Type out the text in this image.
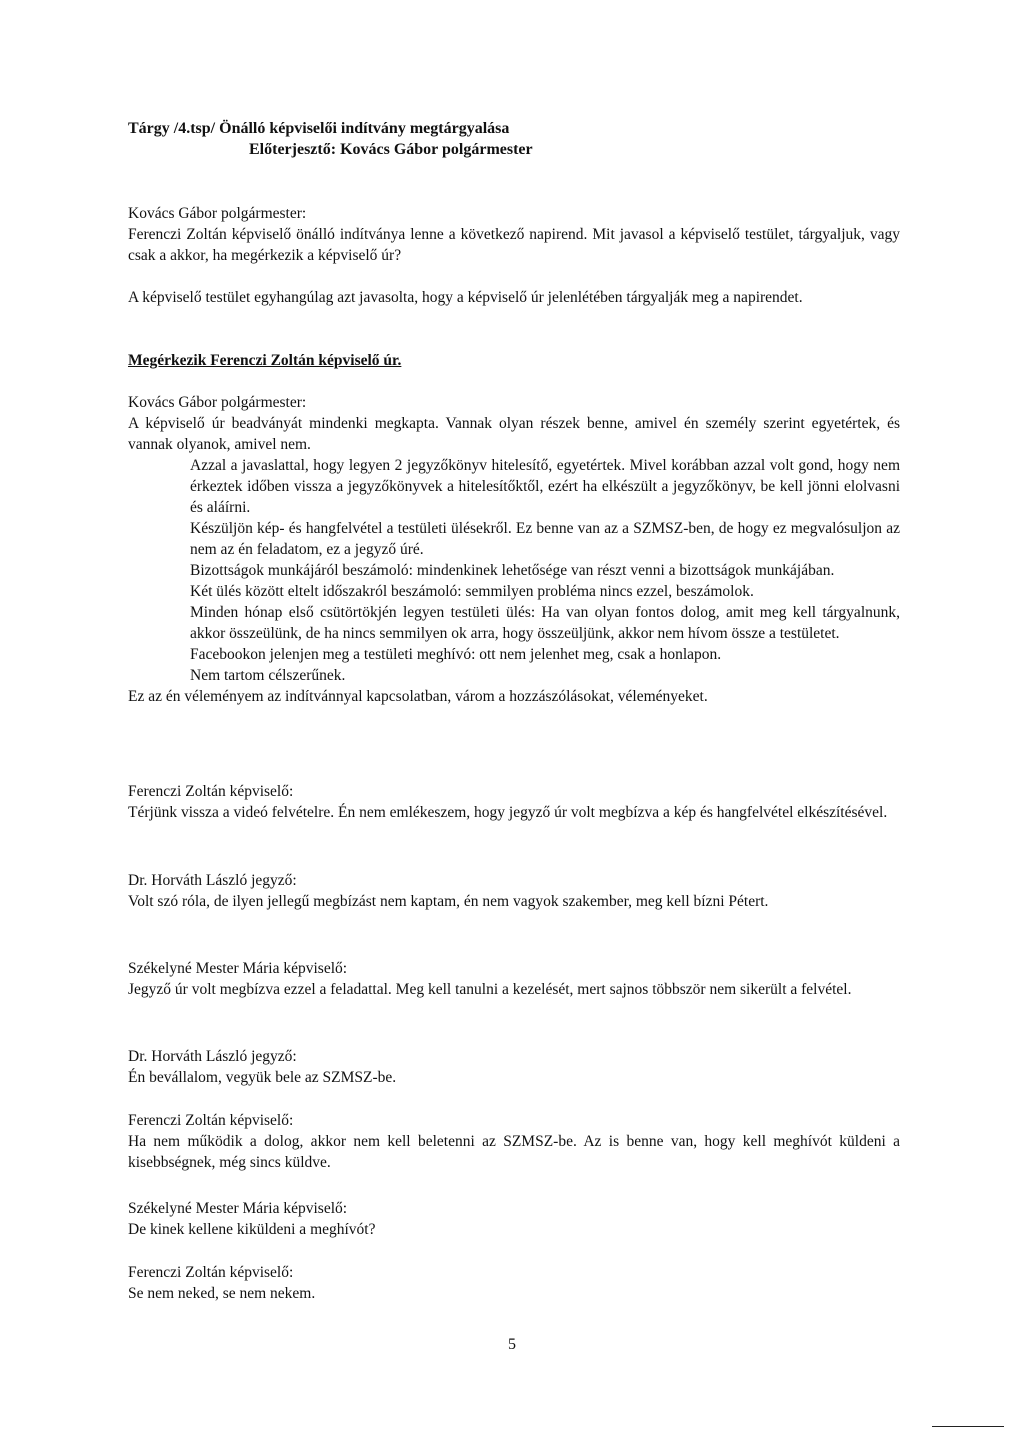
Tárgy /4.tsp/ Önálló képviselői indítvány megtárgyalása
Előterjesztő: Kovács Gábor polgármester
Kovács Gábor polgármester:

Ferenczi Zoltán képviselő önálló indítványa lenne a következő napirend. Mit javasol a képviselő testület, tárgyaljuk, vagy csak a akkor, ha megérkezik a képviselő úr?

A képviselő testület egyhangúlag azt javasolta, hogy a képviselő úr jelenlétében tárgyalják meg a napirendet.

Megérkezik Ferenczi Zoltán képviselő úr.

Kovács Gábor polgármester:

A képviselő úr beadványát mindenki megkapta. Vannak olyan részek benne, amivel én személy szerint egyetértek, és vannak olyanok, amivel nem.

Azzal a javaslattal, hogy legyen 2 jegyzőkönyv hitelesítő, egyetértek. Mivel korábban azzal volt gond, hogy nem érkeztek időben vissza a jegyzőkönyvek a hitelesítőktől, ezért ha elkészült a jegyzőkönyv, be kell jönni elolvasni és aláírni.

Készüljön kép- és hangfelvétel a testületi ülésekről. Ez benne van az a SZMSZ-ben, de hogy ez megvalósuljon az nem az én feladatom, ez a jegyző úré.

Bizottságok munkájáról beszámoló: mindenkinek lehetősége van részt venni a bizottságok munkájában.

Két ülés között eltelt időszakról beszámoló: semmilyen probléma nincs ezzel, beszámolok.

Minden hónap első csütörtökjén legyen testületi ülés: Ha van olyan fontos dolog, amit meg kell tárgyalnunk, akkor összeülünk, de ha nincs semmilyen ok arra, hogy összeüljünk, akkor nem hívom össze a testületet.

Facebookon jelenjen meg a testületi meghívó: ott nem jelenhet meg, csak a honlapon.

Nem tartom célszerűnek.

Ez az én véleményem az indítvánnyal kapcsolatban, várom a hozzászólásokat, véleményeket.

Ferenczi Zoltán képviselő:

Térjünk vissza a videó felvételre. Én nem emlékeszem, hogy jegyző úr volt megbízva a kép és hangfelvétel elkészítésével.

Dr. Horváth László jegyző:

Volt szó róla, de ilyen jellegű megbízást nem kaptam, én nem vagyok szakember, meg kell bízni Pétert.

Székelyné Mester Mária képviselő:

Jegyző úr volt megbízva ezzel a feladattal. Meg kell tanulni a kezelését, mert sajnos többször nem sikerült a felvétel.

Dr. Horváth László jegyző:

Én bevállalom, vegyük bele az SZMSZ-be.

Ferenczi Zoltán képviselő:

Ha nem működik a dolog, akkor nem kell beletenni az SZMSZ-be. Az is benne van, hogy kell meghívót küldeni a kisebbségnek, még sincs küldve.

Székelyné Mester Mária képviselő:

De kinek kellene kiküldeni a meghívót?

Ferenczi Zoltán képviselő:

Se nem neked, se nem nekem.

5
